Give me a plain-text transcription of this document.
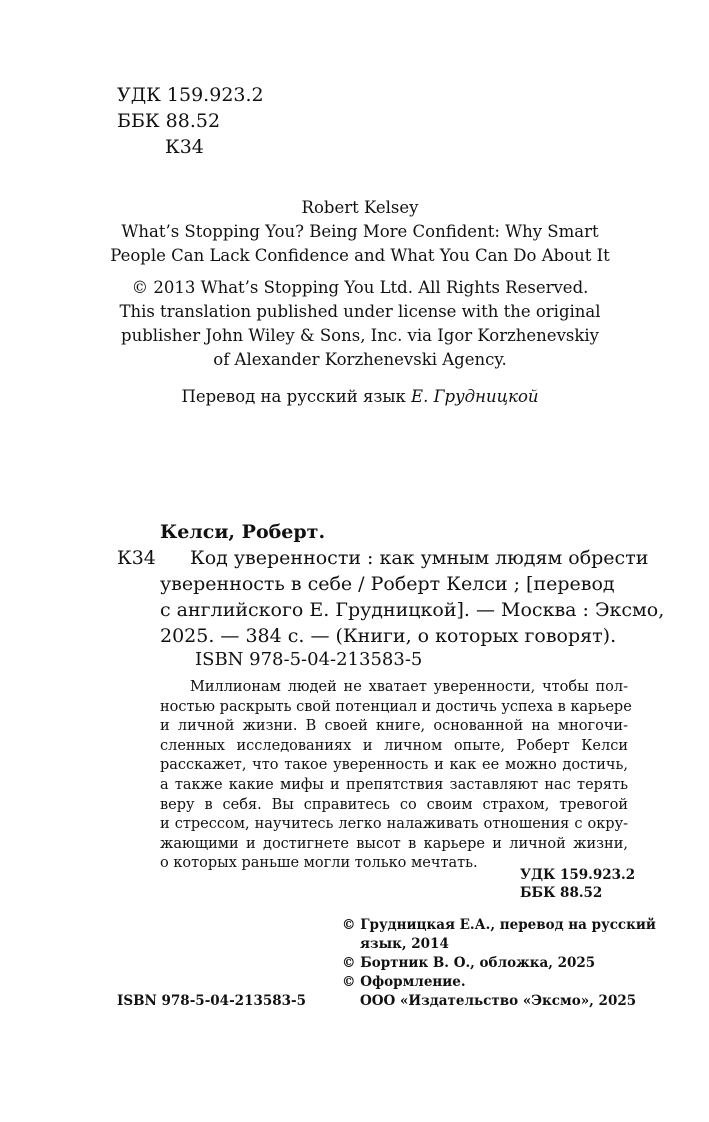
УДК 159.923.2
ББК 88.52
К34
Robert Kelsey
What’s Stopping You? Being More Confident: Why Smart
People Can Lack Confidence and What You Can Do About It
© 2013 What’s Stopping You Ltd. All Rights Reserved.
This translation published under license with the original
publisher John Wiley & Sons, Inc. via Igor Korzhenevskiy
of Alexander Korzhenevski Agency.
Перевод на русский язык Е. Грудницкой
Келси, Роберт.
К34	Код уверенности : как умным людям обрести
уверенность в себе / Роберт Келси ; [перевод
с английского Е. Грудницкой]. — Москва : Эксмо,
2025. — 384 с. — (Книги, о которых говорят).
ISBN 978-5-04-213583-5
Миллионам людей не хватает уверенности, чтобы пол-
ностью раскрыть свой потенциал и достичь успеха в карьере
и личной жизни. В своей книге, основанной на многочи-
сленных исследованиях и личном опыте, Роберт Келси
расскажет, что такое уверенность и как ее можно достичь,
а также какие мифы и препятствия заставляют нас терять
веру в себя. Вы справитесь со своим страхом, тревогой
и стрессом, научитесь легко налаживать отношения с окру-
жающими и достигнете высот в карьере и личной жизни,
о которых раньше могли только мечтать.
УДК 159.923.2
ББК 88.52
© Грудницкая Е.А., перевод на русский
язык, 2014
© Бортник В. О., обложка, 2025
© Оформление.
ООО «Издательство «Эксмо», 2025
ISBN 978-5-04-213583-5
